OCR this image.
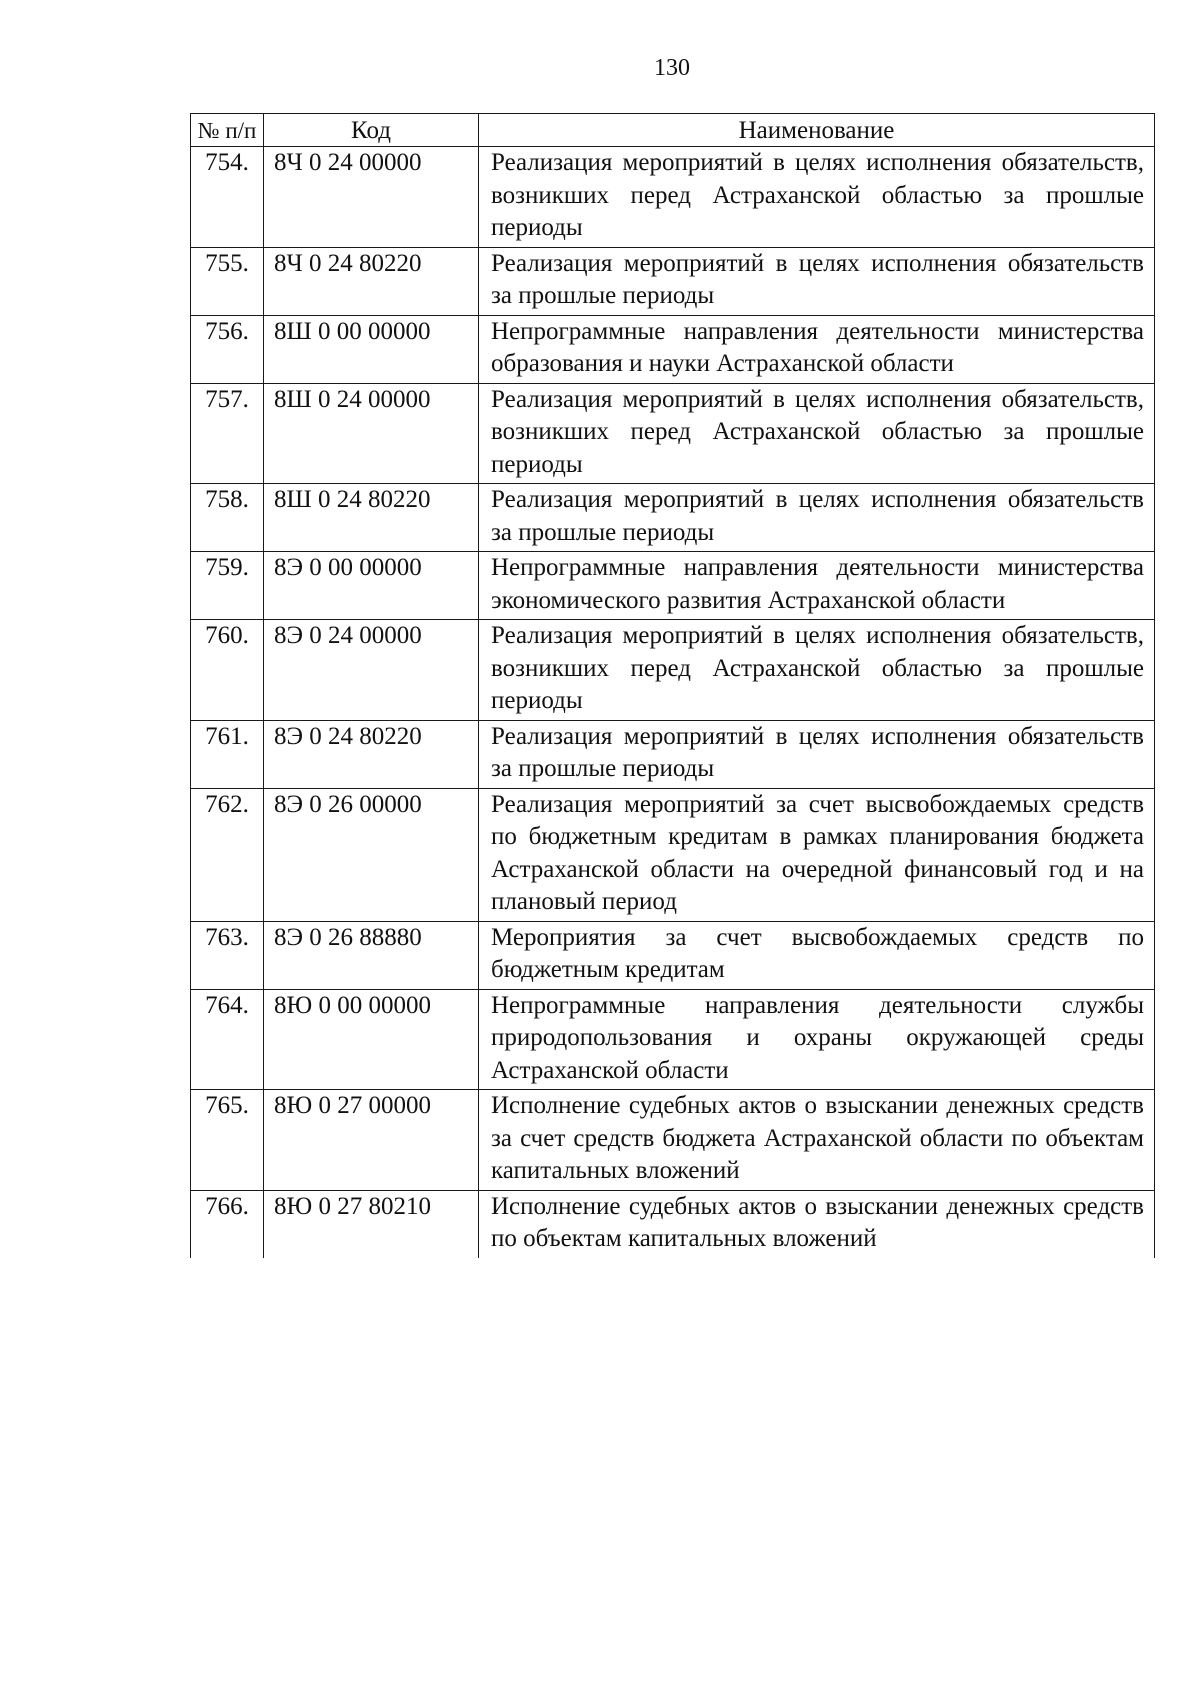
130
№ п/п	Код	Наименование
754.	8Ч 0 24 00000	Реализация мероприятий в целях исполнения обязательств, возникших перед Астраханской областью за прошлые периоды
755.	8Ч 0 24 80220	Реализация мероприятий в целях исполнения обязательств за прошлые периоды
756.	8Ш 0 00 00000	Непрограммные направления деятельности министерства образования и науки Астраханской области
757.	8Ш 0 24 00000	Реализация мероприятий в целях исполнения обязательств, возникших перед Астраханской областью за прошлые периоды
758.	8Ш 0 24 80220	Реализация мероприятий в целях исполнения обязательств за прошлые периоды
759.	8Э 0 00 00000	Непрограммные направления деятельности министерства экономического развития Астраханской области
760.	8Э 0 24 00000	Реализация мероприятий в целях исполнения обязательств, возникших перед Астраханской областью за прошлые периоды
761.	8Э 0 24 80220	Реализация мероприятий в целях исполнения обязательств за прошлые периоды
762.	8Э 0 26 00000	Реализация мероприятий за счет высвобождаемых средств по бюджетным кредитам в рамках планирования бюджета Астраханской области на очередной финансовый год и на плановый период
763.	8Э 0 26 88880	Мероприятия за счет высвобождаемых средств по бюджетным кредитам
764.	8Ю 0 00 00000	Непрограммные направления деятельности службы природопользования и охраны окружающей среды Астраханской области
765.	8Ю 0 27 00000	Исполнение судебных актов о взыскании денежных средств за счет средств бюджета Астраханской области по объектам капитальных вложений
766.	8Ю 0 27 80210	Исполнение судебных актов о взыскании денежных средств по объектам капитальных вложений
